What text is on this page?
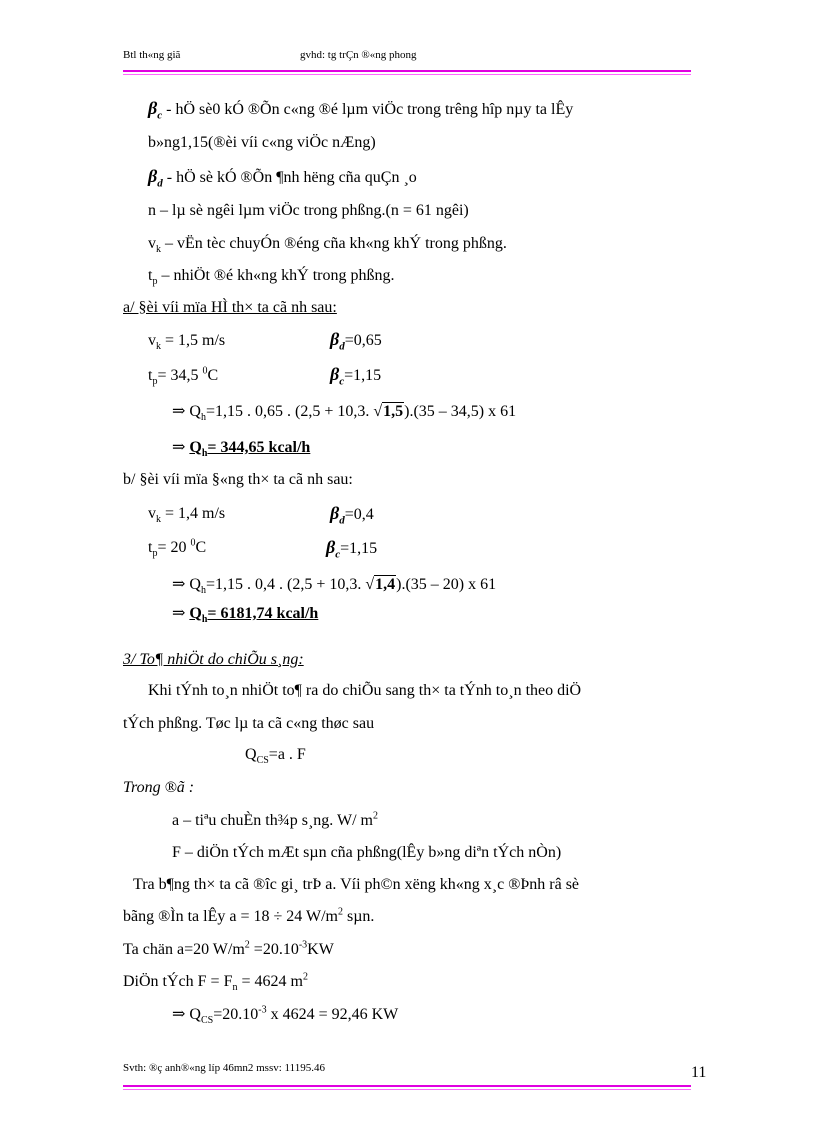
Btl th«ng giã	gvhd: tg trÇn ®«ng phong
$\beta_c$ - hÖ sè0 kÓ ®Õn c«ng ®é lµm viÖc trong trêng hîp nµy ta lÊy
b»ng1,15(®èi víi c«ng viÖc nÆng)
$\beta_d$ - hÖ sè kÓ ®Õn ¶nh hëng cña quÇn ¸o
n – lµ sè ngêi lµm viÖc trong phßng.(n = 61 ngêi)
$v_k$ – vËn tèc chuyÓn ®éng cña kh«ng khÝ trong phßng.
$t_p$ – nhiÖt ®é kh«ng khÝ trong phßng.
a/ §èi víi mïa HÌ th× ta cã nh sau:
$v_k = 1,5$ m/s	$\beta_d=0,65$
$t_p= 34,5$ $^0$C	$\beta_c=1,15$
⇒ $Q_h=1,15$ . 0,65 . (2,5 + 10,3. √1,5).(35 – 34,5) x 61
⇒ $Q_h= 344,65$ kcal/h
b/ §èi víi mïa §«ng th× ta cã nh sau:
$v_k = 1,4$ m/s	$\beta_d=0,4$
$t_p= 20$ $^0$C	$\beta_c=1,15$
⇒ $Q_h=1,15$ . 0,4 . (2,5 + 10,3. √1,4).(35 – 20) x 61
⇒ $Q_h= 6181,74$ kcal/h
3/ To¶ nhiÖt do chiÕu s¸ng:
Khi tÝnh to¸n nhiÖt to¶ ra do chiÕu sang th× ta tÝnh to¸n theo diÖ
tÝch phßng. Tøc lµ ta cã c«ng thøc sau
$Q_{CS}=a$ . F
Trong ®ã :
a – tiªu chuÈn th¾p s¸ng. W/ $m^2$
F – diÖn tÝch mÆt sµn cña phßng(lÊy b»ng diªn tÝch nÒn)
Tra b¶ng th× ta cã ®îc gi¸ trÞ a. Víi ph©n xëng kh«ng x¸c ®Þnh râ sè
bãng ®Ìn ta lÊy a = 18 ÷ 24 $W/m^2$ sµn.
Ta chän a=20 $W/m^2 =20.10^{-3}KW$
DiÖn tÝch $F = F_n = 4624$ $m^2$
⇒ $Q_{CS}=20.10^{-3}$ x 4624 = 92,46 KW
Svth: ®ç anh®«ng líp 46mn2 mssv: 11195.46	11
